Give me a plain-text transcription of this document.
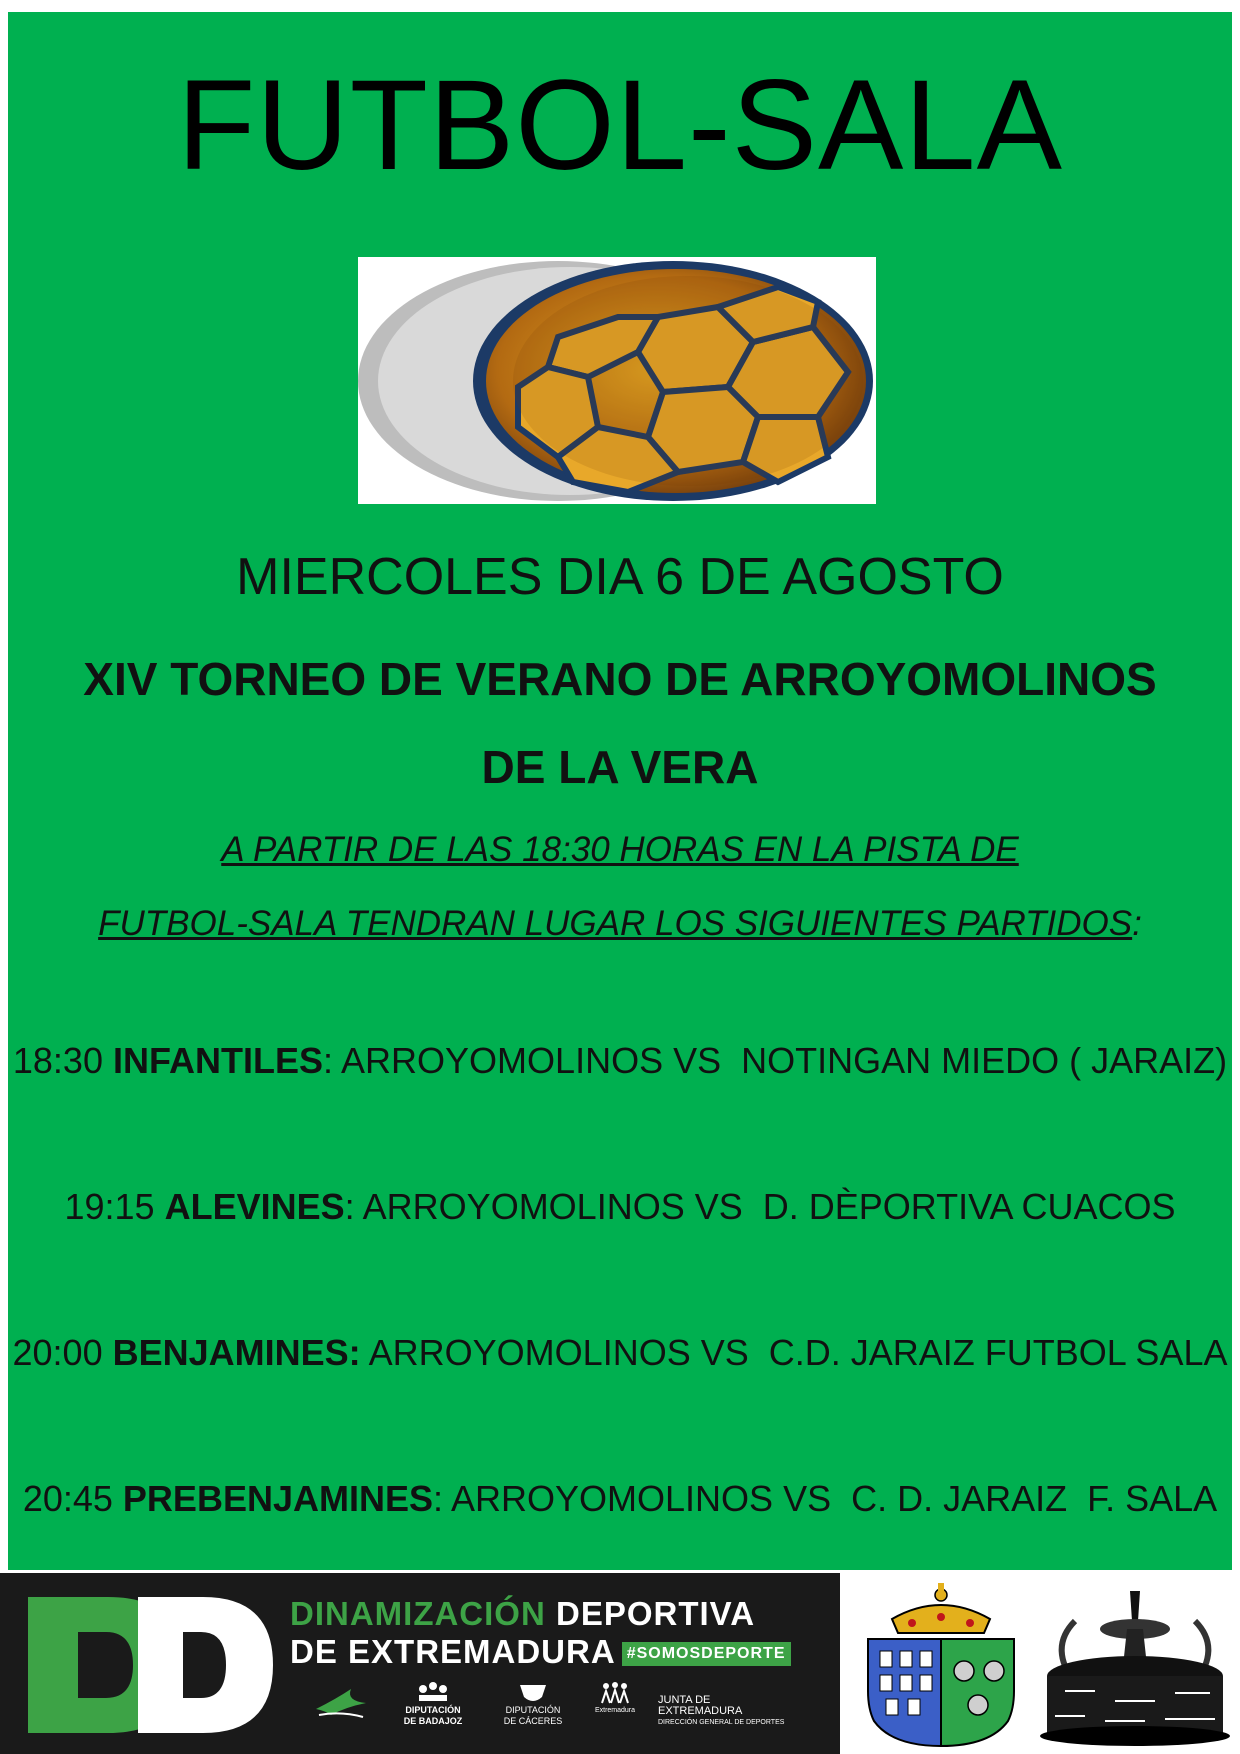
FUTBOL-SALA
MIERCOLES DIA 6 DE AGOSTO
XIV TORNEO DE VERANO DE ARROYOMOLINOS
DE LA VERA
A PARTIR DE LAS 18:30 HORAS EN LA PISTA DE
FUTBOL-SALA TENDRAN LUGAR LOS SIGUIENTES PARTIDOS:
18:30 INFANTILES: ARROYOMOLINOS VS  NOTINGAN MIEDO ( JARAIZ)
19:15 ALEVINES: ARROYOMOLINOS VS  D. DÈPORTIVA CUACOS
20:00 BENJAMINES: ARROYOMOLINOS VS  C.D. JARAIZ FUTBOL SALA
20:45 PREBENJAMINES: ARROYOMOLINOS VS  C. D. JARAIZ  F. SALA
DINAMIZACIÓN DEPORTIVA
DE EXTREMADURA #SOMOSDEPORTE
DIPUTACIÓN
DE BADAJOZ
DIPUTACIÓN
DE CÁCERES
Extremadura
JUNTA DE EXTREMADURA
DIRECCIÓN GENERAL DE DEPORTES
